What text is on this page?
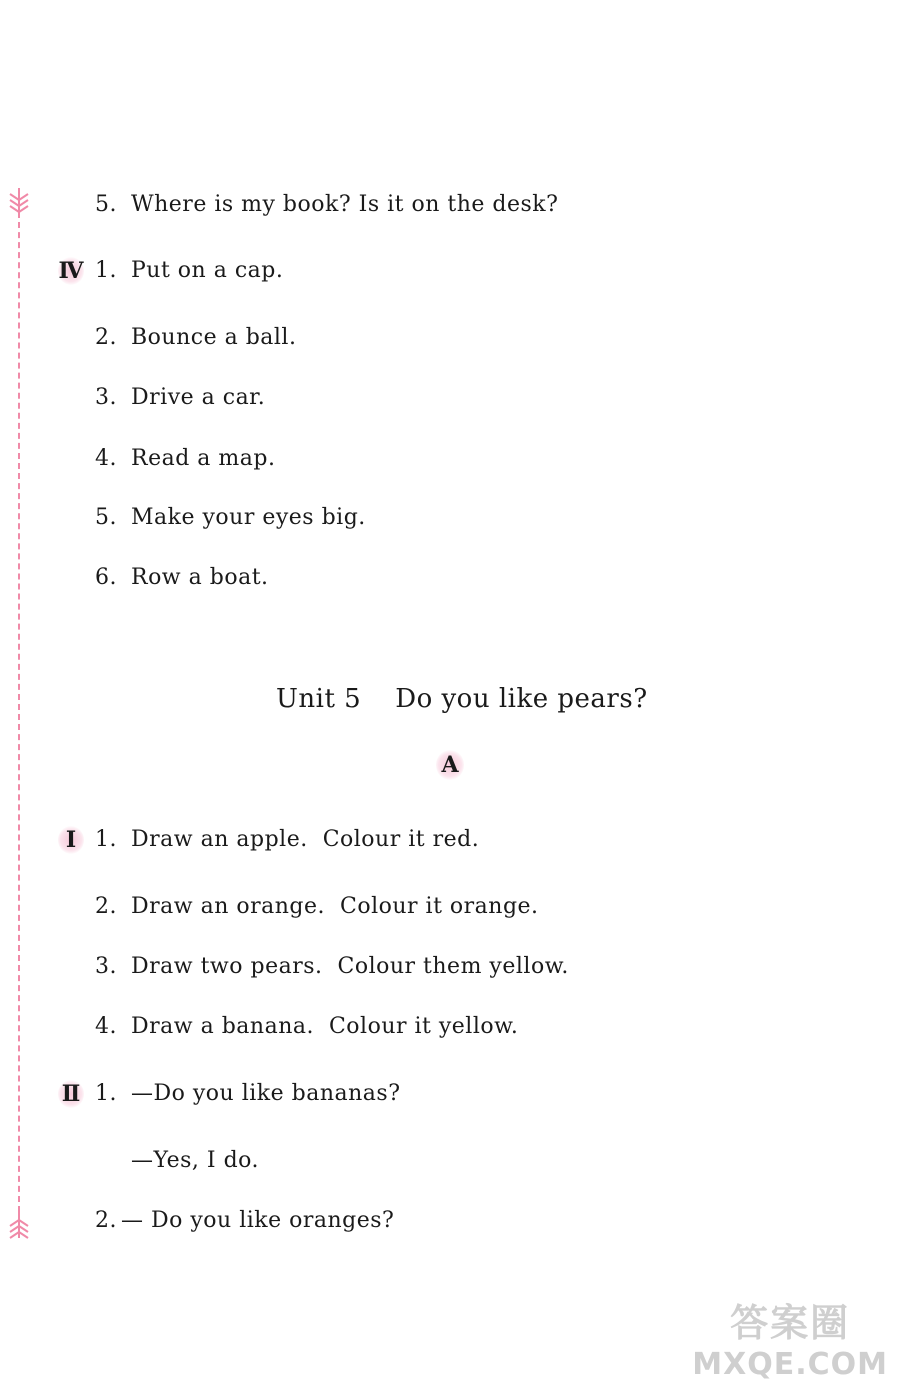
5. Where is my book? Is it on the desk?
Ⅳ 1. Put on a cap.
2. Bounce a ball.
3. Drive a car.
4. Read a map.
5. Make your eyes big.
6. Row a boat.
Unit 5 Do you like pears?
A
Ⅰ 1. Draw an apple.  Colour it red.
2. Draw an orange.  Colour it orange.
3. Draw two pears.  Colour them yellow.
4. Draw a banana.  Colour it yellow.
Ⅱ 1. —Do you like bananas?
—Yes, I do.
2. — Do you like oranges?
答案圈
MXQE.COM
